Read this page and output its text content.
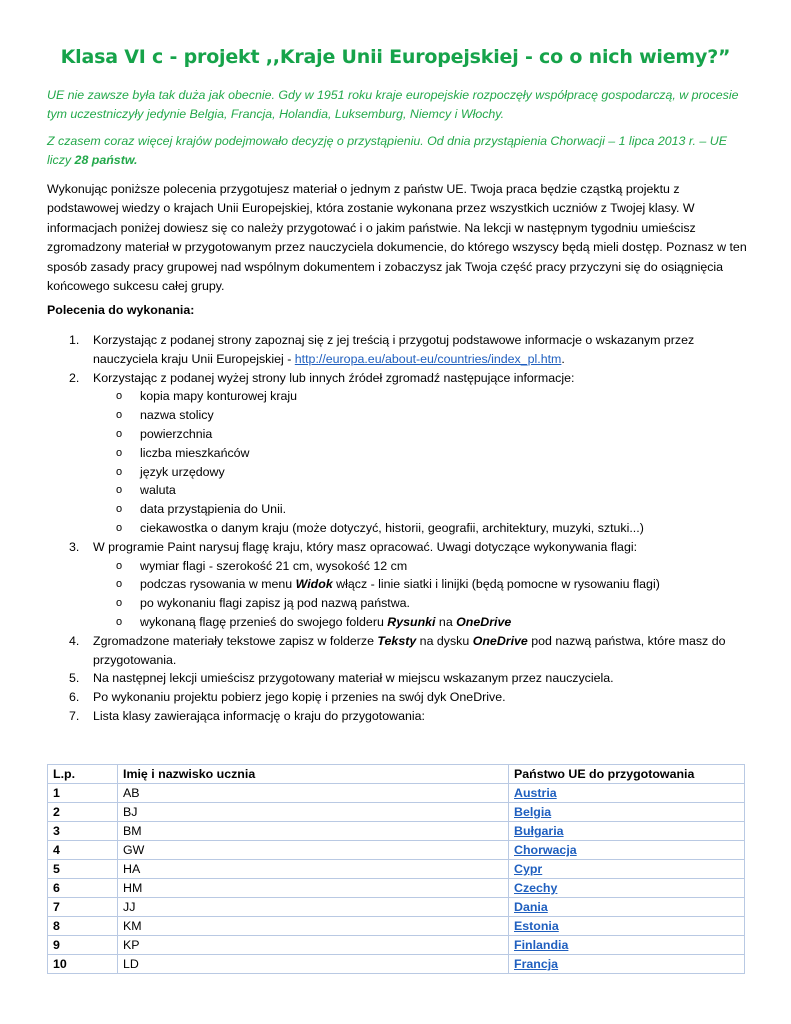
Klasa VI c - projekt ,,Kraje Unii Europejskiej - co o nich wiemy?”
UE nie zawsze była tak duża jak obecnie. Gdy w 1951 roku kraje europejskie rozpoczęły współpracę gospodarczą, w procesie tym uczestniczyły jedynie Belgia, Francja, Holandia, Luksemburg, Niemcy i Włochy.
Z czasem coraz więcej krajów podejmowało decyzję o przystąpieniu. Od dnia przystąpienia Chorwacji – 1 lipca 2013 r. – UE liczy 28 państw.
Wykonując poniższe polecenia przygotujesz materiał o jednym z państw UE. Twoja praca będzie cząstką projektu z podstawowej wiedzy o krajach Unii Europejskiej, która zostanie wykonana przez wszystkich uczniów z Twojej klasy. W informacjach poniżej dowiesz się co należy przygotować i o jakim państwie. Na lekcji w następnym tygodniu umieścisz zgromadzony materiał w przygotowanym przez nauczyciela dokumencie, do którego wszyscy będą mieli dostęp. Poznasz w ten sposób zasady pracy grupowej nad wspólnym dokumentem i zobaczysz jak Twoja część pracy przyczyni się do osiągnięcia końcowego sukcesu całej grupy.
Polecenia do wykonania:
1. Korzystając z podanej strony zapoznaj się z jej treścią i przygotuj podstawowe informacje o wskazanym przez nauczyciela kraju Unii Europejskiej - http://europa.eu/about-eu/countries/index_pl.htm.
2. Korzystając z podanej wyżej strony lub innych źródeł zgromadź następujące informacje:
o kopia mapy konturowej kraju
o nazwa stolicy
o powierzchnia
o liczba mieszkańców
o język urzędowy
o waluta
o data przystąpienia do Unii.
o ciekawostka o danym kraju (może dotyczyć, historii, geografii, architektury, muzyki, sztuki...)
3. W programie Paint narysuj flagę kraju, który masz opracować. Uwagi dotyczące wykonywania flagi:
o wymiar flagi - szerokość 21 cm, wysokość 12 cm
o podczas rysowania w menu Widok włącz - linie siatki i linijki (będą pomocne w rysowaniu flagi)
o po wykonaniu flagi zapisz ją pod nazwą państwa.
o wykonaną flagę przenieś do swojego folderu Rysunki na OneDrive
4. Zgromadzone materiały tekstowe zapisz w folderze Teksty na dysku OneDrive pod nazwą państwa, które masz do przygotowania.
5. Na następnej lekcji umieścisz przygotowany materiał w miejscu wskazanym przez nauczyciela.
6. Po wykonaniu projektu pobierz jego kopię i przenies na swój dyk OneDrive.
7. Lista klasy zawierająca informację o kraju do przygotowania:
L.p.	Imię i nazwisko ucznia	Państwo UE do przygotowania
1	AB	Austria
2	BJ	Belgia
3	BM	Bułgaria
4	GW	Chorwacja
5	HA	Cypr
6	HM	Czechy
7	JJ	Dania
8	KM	Estonia
9	KP	Finlandia
10	LD	Francja
